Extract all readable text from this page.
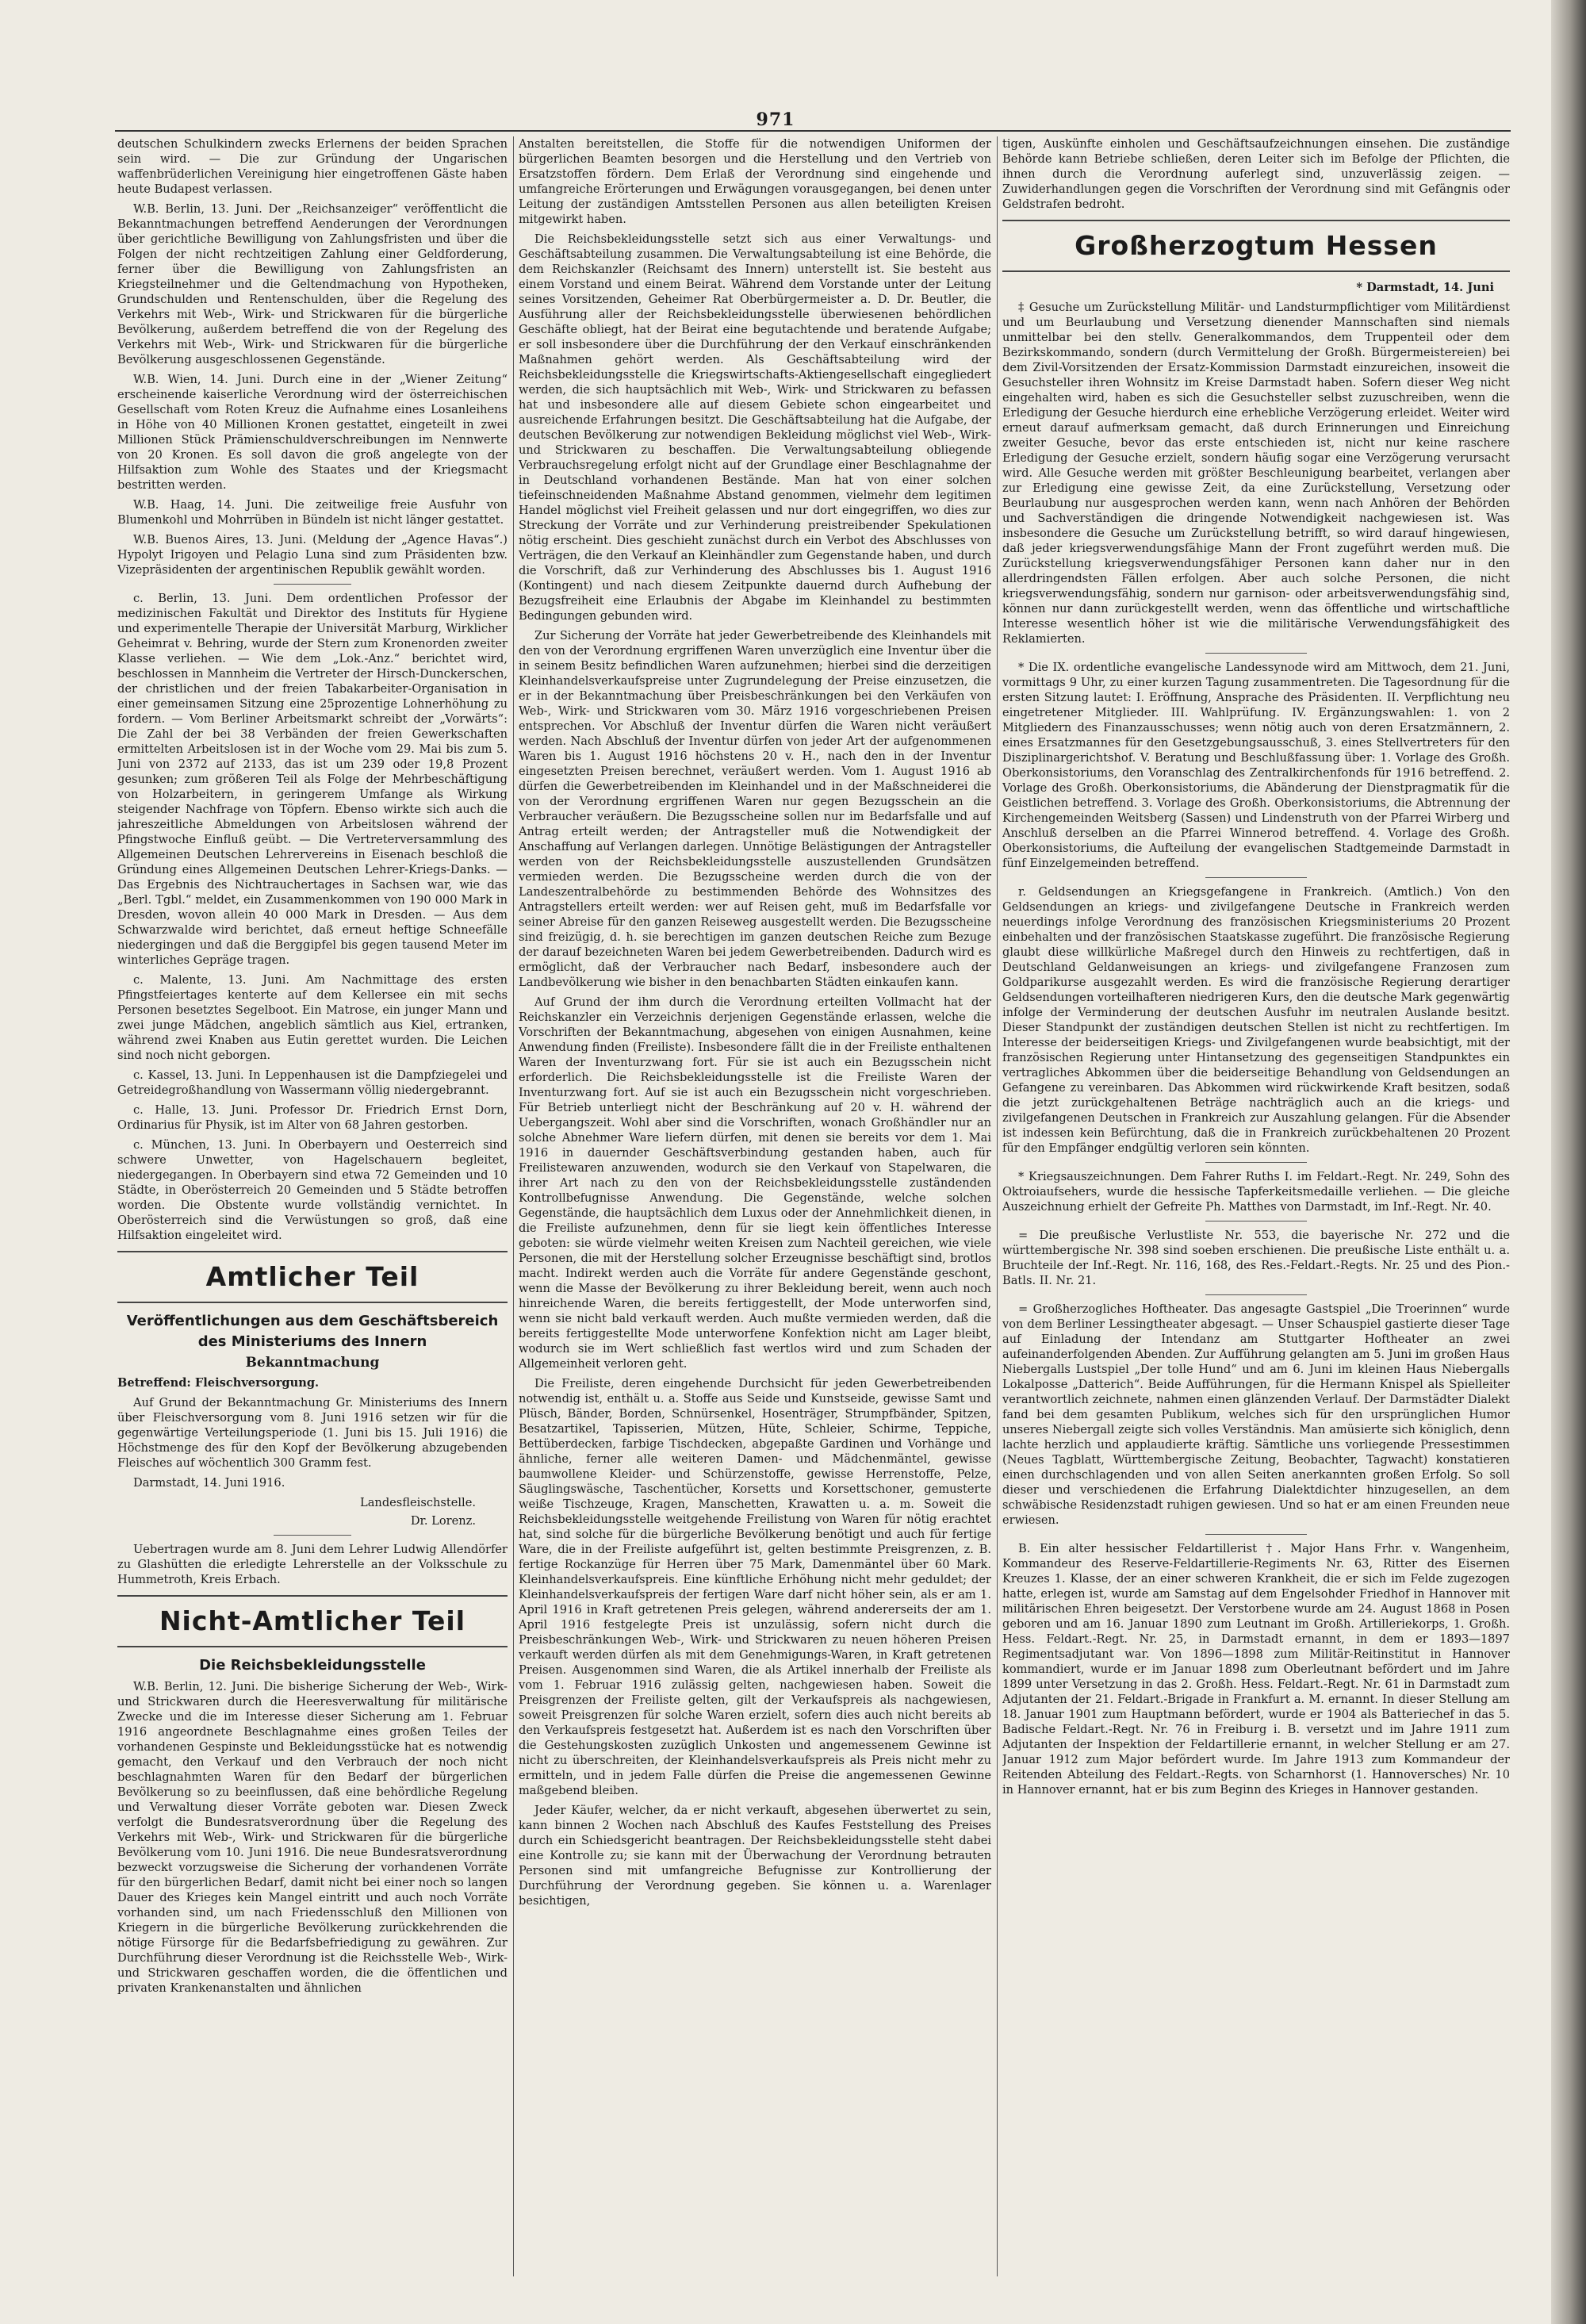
971

deutschen Schulkindern zwecks Erlernens der beiden Sprachen sein wird. — Die zur Gründung der Ungarischen waffenbrüderlichen Vereinigung hier eingetroffenen Gäste haben heute Budapest verlassen.

W.B. Berlin, 13. Juni. Der „Reichsanzeiger“ veröffentlicht die Bekanntmachungen betreffend Aenderungen der Verordnungen über gerichtliche Bewilligung von Zahlungsfristen und über die Folgen der nicht rechtzeitigen Zahlung einer Geldforderung, ferner über die Bewilligung von Zahlungsfristen an Kriegsteilnehmer und die Geltendmachung von Hypotheken, Grundschulden und Rentenschulden, über die Regelung des Verkehrs mit Web-, Wirk- und Strickwaren für die bürgerliche Bevölkerung, außerdem betreffend die von der Regelung des Verkehrs mit Web-, Wirk- und Strickwaren für die bürgerliche Bevölkerung ausgeschlossenen Gegenstände.

W.B. Wien, 14. Juni. Durch eine in der „Wiener Zeitung“ erscheinende kaiserliche Verordnung wird der österreichischen Gesellschaft vom Roten Kreuz die Aufnahme eines Losanleihens in Höhe von 40 Millionen Kronen gestattet, eingeteilt in zwei Millionen Stück Prämienschuldverschreibungen im Nennwerte von 20 Kronen. Es soll davon die groß angelegte von der Hilfsaktion zum Wohle des Staates und der Kriegsmacht bestritten werden.

W.B. Haag, 14. Juni. Die zeitweilige freie Ausfuhr von Blumenkohl und Mohrrüben in Bündeln ist nicht länger gestattet.

W.B. Buenos Aires, 13. Juni. (Meldung der „Agence Havas“.) Hypolyt Irigoyen und Pelagio Luna sind zum Präsidenten bzw. Vizepräsidenten der argentinischen Republik gewählt worden.

c. Berlin, 13. Juni. Dem ordentlichen Professor der medizinischen Fakultät und Direktor des Instituts für Hygiene und experimentelle Therapie der Universität Marburg, Wirklicher Geheimrat v. Behring, wurde der Stern zum Kronenorden zweiter Klasse verliehen. — Wie dem „Lok.-Anz.“ berichtet wird, beschlossen in Mannheim die Vertreter der Hirsch-Dunckerschen, der christlichen und der freien Tabakarbeiter-Organisation in einer gemeinsamen Sitzung eine 25prozentige Lohnerhöhung zu fordern. — Vom Berliner Arbeitsmarkt schreibt der „Vorwärts“: Die Zahl der bei 38 Verbänden der freien Gewerkschaften ermittelten Arbeitslosen ist in der Woche vom 29. Mai bis zum 5. Juni von 2372 auf 2133, das ist um 239 oder 19,8 Prozent gesunken; zum größeren Teil als Folge der Mehrbeschäftigung von Holzarbeitern, in geringerem Umfange als Wirkung steigender Nachfrage von Töpfern. Ebenso wirkte sich auch die jahreszeitliche Abmeldungen von Arbeitslosen während der Pfingstwoche Einfluß geübt. — Die Vertreterversammlung des Allgemeinen Deutschen Lehrervereins in Eisenach beschloß die Gründung eines Allgemeinen Deutschen Lehrer-Kriegs-Danks. — Das Ergebnis des Nichtrauchertages in Sachsen war, wie das „Berl. Tgbl.“ meldet, ein Zusammenkommen von 190 000 Mark in Dresden, wovon allein 40 000 Mark in Dresden. — Aus dem Schwarzwalde wird berichtet, daß erneut heftige Schneefälle niedergingen und daß die Berggipfel bis gegen tausend Meter im winterliches Gepräge tragen.

c. Malente, 13. Juni. Am Nachmittage des ersten Pfingstfeiertages kenterte auf dem Kellersee ein mit sechs Personen besetztes Segelboot. Ein Matrose, ein junger Mann und zwei junge Mädchen, angeblich sämtlich aus Kiel, ertranken, während zwei Knaben aus Eutin gerettet wurden. Die Leichen sind noch nicht geborgen.

c. Kassel, 13. Juni. In Leppenhausen ist die Dampfziegelei und Getreidegroßhandlung von Wassermann völlig niedergebrannt.

c. Halle, 13. Juni. Professor Dr. Friedrich Ernst Dorn, Ordinarius für Physik, ist im Alter von 68 Jahren gestorben.

c. München, 13. Juni. In Oberbayern und Oesterreich sind schwere Unwetter, von Hagelschauern begleitet, niedergegangen. In Oberbayern sind etwa 72 Gemeinden und 10 Städte, in Oberösterreich 20 Gemeinden und 5 Städte betroffen worden. Die Obstente wurde vollständig vernichtet. In Oberösterreich sind die Verwüstungen so groß, daß eine Hilfsaktion eingeleitet wird.

Amtlicher Teil
Veröffentlichungen aus dem Geschäftsbereich des Ministeriums des Innern
Bekanntmachung

Betreffend: Fleischversorgung.

Auf Grund der Bekanntmachung Gr. Ministeriums des Innern über Fleischversorgung vom 8. Juni 1916 setzen wir für die gegenwärtige Verteilungsperiode (1. Juni bis 15. Juli 1916) die Höchstmenge des für den Kopf der Bevölkerung abzugebenden Fleisches auf wöchentlich 300 Gramm fest.

Darmstadt, 14. Juni 1916.

Landesfleischstelle.
Dr. Lorenz.

Uebertragen wurde am 8. Juni dem Lehrer Ludwig Allendörfer zu Glashütten die erledigte Lehrerstelle an der Volksschule zu Hummetroth, Kreis Erbach.

Nicht-Amtlicher Teil
Die Reichsbekleidungsstelle

W.B. Berlin, 12. Juni. Die bisherige Sicherung der Web-, Wirk- und Strickwaren durch die Heeresverwaltung für militärische Zwecke und die im Interesse dieser Sicherung am 1. Februar 1916 angeordnete Beschlagnahme eines großen Teiles der vorhandenen Gespinste und Bekleidungsstücke hat es notwendig gemacht, den Verkauf und den Verbrauch der noch nicht beschlagnahmten Waren für den Bedarf der bürgerlichen Bevölkerung so zu beeinflussen, daß eine behördliche Regelung und Verwaltung dieser Vorräte geboten war. Diesen Zweck verfolgt die Bundesratsverordnung über die Regelung des Verkehrs mit Web-, Wirk- und Strickwaren für die bürgerliche Bevölkerung vom 10. Juni 1916. Die neue Bundesratsverordnung bezweckt vorzugsweise die Sicherung der vorhandenen Vorräte für den bürgerlichen Bedarf, damit nicht bei einer noch so langen Dauer des Krieges kein Mangel eintritt und auch noch Vorräte vorhanden sind, um nach Friedensschluß den Millionen von Kriegern in die bürgerliche Bevölkerung zurückkehrenden die nötige Fürsorge für die Bedarfsbefriedigung zu gewähren. Zur Durchführung dieser Verordnung ist die Reichsstelle Web-, Wirk- und Strickwaren geschaffen worden, die die öffentlichen und privaten Krankenanstalten und ähnlichen

Anstalten bereitstellen, die Stoffe für die notwendigen Uniformen der bürgerlichen Beamten besorgen und die Herstellung und den Vertrieb von Ersatzstoffen fördern. Dem Erlaß der Verordnung sind eingehende und umfangreiche Erörterungen und Erwägungen vorausgegangen, bei denen unter Leitung der zuständigen Amtsstellen Personen aus allen beteiligten Kreisen mitgewirkt haben.

Die Reichsbekleidungsstelle setzt sich aus einer Verwaltungs- und Geschäftsabteilung zusammen. Die Verwaltungsabteilung ist eine Behörde, die dem Reichskanzler (Reichsamt des Innern) unterstellt ist. Sie besteht aus einem Vorstand und einem Beirat. Während dem Vorstande unter der Leitung seines Vorsitzenden, Geheimer Rat Oberbürgermeister a. D. Dr. Beutler, die Ausführung aller der Reichsbekleidungsstelle überwiesenen behördlichen Geschäfte obliegt, hat der Beirat eine begutachtende und beratende Aufgabe; er soll insbesondere über die Durchführung der den Verkauf einschränkenden Maßnahmen gehört werden. Als Geschäftsabteilung wird der Reichsbekleidungsstelle die Kriegswirtschafts-Aktiengesellschaft eingegliedert werden, die sich hauptsächlich mit Web-, Wirk- und Strickwaren zu befassen hat und insbesondere alle auf diesem Gebiete schon eingearbeitet und ausreichende Erfahrungen besitzt. Die Geschäftsabteilung hat die Aufgabe, der deutschen Bevölkerung zur notwendigen Bekleidung möglichst viel Web-, Wirk- und Strickwaren zu beschaffen. Die Verwaltungsabteilung obliegende Verbrauchsregelung erfolgt nicht auf der Grundlage einer Beschlagnahme der in Deutschland vorhandenen Bestände. Man hat von einer solchen tiefeinschneidenden Maßnahme Abstand genommen, vielmehr dem legitimen Handel möglichst viel Freiheit gelassen und nur dort eingegriffen, wo dies zur Streckung der Vorräte und zur Verhinderung preistreibender Spekulationen nötig erscheint. Dies geschieht zunächst durch ein Verbot des Abschlusses von Verträgen, die den Verkauf an Kleinhändler zum Gegenstande haben, und durch die Vorschrift, daß zur Verhinderung des Abschlusses bis 1. August 1916 (Kontingent) und nach diesem Zeitpunkte dauernd durch Aufhebung der Bezugsfreiheit eine Erlaubnis der Abgabe im Kleinhandel zu bestimmten Bedingungen gebunden wird.

Zur Sicherung der Vorräte hat jeder Gewerbetreibende des Kleinhandels mit den von der Verordnung ergriffenen Waren unverzüglich eine Inventur über die in seinem Besitz befindlichen Waren aufzunehmen; hierbei sind die derzeitigen Kleinhandelsverkaufspreise unter Zugrundelegung der Preise einzusetzen, die er in der Bekanntmachung über Preisbeschränkungen bei den Verkäufen von Web-, Wirk- und Strickwaren vom 30. März 1916 vorgeschriebenen Preisen entsprechen. Vor Abschluß der Inventur dürfen die Waren nicht veräußert werden. Nach Abschluß der Inventur dürfen von jeder Art der aufgenommenen Waren bis 1. August 1916 höchstens 20 v. H., nach den in der Inventur eingesetzten Preisen berechnet, veräußert werden. Vom 1. August 1916 ab dürfen die Gewerbetreibenden im Kleinhandel und in der Maßschneiderei die von der Verordnung ergriffenen Waren nur gegen Bezugsschein an die Verbraucher veräußern. Die Bezugsscheine sollen nur im Bedarfsfalle und auf Antrag erteilt werden; der Antragsteller muß die Notwendigkeit der Anschaffung auf Verlangen darlegen. Unnötige Belästigungen der Antragsteller werden von der Reichsbekleidungsstelle auszustellenden Grundsätzen vermieden werden. Die Bezugsscheine werden durch die von der Landeszentralbehörde zu bestimmenden Behörde des Wohnsitzes des Antragstellers erteilt werden: wer auf Reisen geht, muß im Bedarfsfalle vor seiner Abreise für den ganzen Reiseweg ausgestellt werden. Die Bezugsscheine sind freizügig, d. h. sie berechtigen im ganzen deutschen Reiche zum Bezuge der darauf bezeichneten Waren bei jedem Gewerbetreibenden. Dadurch wird es ermöglicht, daß der Verbraucher nach Bedarf, insbesondere auch der Landbevölkerung wie bisher in den benachbarten Städten einkaufen kann.

Auf Grund der ihm durch die Verordnung erteilten Vollmacht hat der Reichskanzler ein Verzeichnis derjenigen Gegenstände erlassen, welche die Vorschriften der Bekanntmachung, abgesehen von einigen Ausnahmen, keine Anwendung finden (Freiliste). Insbesondere fällt die in der Freiliste enthaltenen Waren der Inventurzwang fort. Für sie ist auch ein Bezugsschein nicht erforderlich. Die Reichsbekleidungsstelle ist die Freiliste Waren der Inventurzwang fort. Auf sie ist auch ein Bezugsschein nicht vorgeschrieben. Für Betrieb unterliegt nicht der Beschränkung auf 20 v. H. während der Uebergangszeit. Wohl aber sind die Vorschriften, wonach Großhändler nur an solche Abnehmer Ware liefern dürfen, mit denen sie bereits vor dem 1. Mai 1916 in dauernder Geschäftsverbindung gestanden haben, auch für Freilistewaren anzuwenden, wodurch sie den Verkauf von Stapelwaren, die ihrer Art nach zu den von der Reichsbekleidungsstelle zuständenden Kontrollbefugnisse Anwendung. Die Gegenstände, welche solchen Gegenstände, die hauptsächlich dem Luxus oder der Annehmlichkeit dienen, in die Freiliste aufzunehmen, denn für sie liegt kein öffentliches Interesse geboten: sie würde vielmehr weiten Kreisen zum Nachteil gereichen, wie viele Personen, die mit der Herstellung solcher Erzeugnisse beschäftigt sind, brotlos macht. Indirekt werden auch die Vorräte für andere Gegenstände geschont, wenn die Masse der Bevölkerung zu ihrer Bekleidung bereit, wenn auch noch hinreichende Waren, die bereits fertiggestellt, der Mode unterworfen sind, wenn sie nicht bald verkauft werden. Auch mußte vermieden werden, daß die bereits fertiggestellte Mode unterworfene Konfektion nicht am Lager bleibt, wodurch sie im Wert schließlich fast wertlos wird und zum Schaden der Allgemeinheit verloren geht.

Die Freiliste, deren eingehende Durchsicht für jeden Gewerbetreibenden notwendig ist, enthält u. a. Stoffe aus Seide und Kunstseide, gewisse Samt und Plüsch, Bänder, Borden, Schnürsenkel, Hosenträger, Strumpfbänder, Spitzen, Besatzartikel, Tapisserien, Mützen, Hüte, Schleier, Schirme, Teppiche, Bettüberdecken, farbige Tischdecken, abgepaßte Gardinen und Vorhänge und ähnliche, ferner alle weiteren Damen- und Mädchenmäntel, gewisse baumwollene Kleider- und Schürzenstoffe, gewisse Herrenstoffe, Pelze, Säuglingswäsche, Taschentücher, Korsetts und Korsettschoner, gemusterte weiße Tischzeuge, Kragen, Manschetten, Krawatten u. a. m. Soweit die Reichsbekleidungsstelle weitgehende Freilistung von Waren für nötig erachtet hat, sind solche für die bürgerliche Bevölkerung benötigt und auch für fertige Ware, die in der Freiliste aufgeführt ist, gelten bestimmte Preisgrenzen, z. B. fertige Rockanzüge für Herren über 75 Mark, Damenmäntel über 60 Mark. Kleinhandelsverkaufspreis. Eine künftliche Erhöhung nicht mehr geduldet; der Kleinhandelsverkaufspreis der fertigen Ware darf nicht höher sein, als er am 1. April 1916 in Kraft getretenen Preis gelegen, während andererseits der am 1. April 1916 festgelegte Preis ist unzulässig, sofern nicht durch die Preisbeschränkungen Web-, Wirk- und Strickwaren zu neuen höheren Preisen verkauft werden dürfen als mit dem Genehmigungs-Waren, in Kraft getretenen Preisen. Ausgenommen sind Waren, die als Artikel innerhalb der Freiliste als vom 1. Februar 1916 zulässig gelten, nachgewiesen haben. Soweit die Preisgrenzen der Freiliste gelten, gilt der Verkaufspreis als nachgewiesen, soweit Preisgrenzen für solche Waren erzielt, sofern dies auch nicht bereits ab den Verkaufspreis festgesetzt hat. Außerdem ist es nach den Vorschriften über die Gestehungskosten zuzüglich Unkosten und angemessenem Gewinne ist nicht zu überschreiten, der Kleinhandelsverkaufspreis als Preis nicht mehr zu ermitteln, und in jedem Falle dürfen die Preise die angemessenen Gewinne maßgebend bleiben.

Jeder Käufer, welcher, da er nicht verkauft, abgesehen überwertet zu sein, kann binnen 2 Wochen nach Abschluß des Kaufes Feststellung des Preises durch ein Schiedsgericht beantragen. Der Reichsbekleidungsstelle steht dabei eine Kontrolle zu; sie kann mit der Überwachung der Verordnung betrauten Personen sind mit umfangreiche Befugnisse zur Kontrollierung der Durchführung der Verordnung gegeben. Sie können u. a. Warenlager besichtigen,

tigen, Auskünfte einholen und Geschäftsaufzeichnungen einsehen. Die zuständige Behörde kann Betriebe schließen, deren Leiter sich im Befolge der Pflichten, die ihnen durch die Verordnung auferlegt sind, unzuverlässig zeigen. — Zuwiderhandlungen gegen die Vorschriften der Verordnung sind mit Gefängnis oder Geldstrafen bedroht.

Großherzogtum Hessen
* Darmstadt, 14. Juni

‡ Gesuche um Zurückstellung Militär- und Landsturmpflichtiger vom Militärdienst und um Beurlaubung und Versetzung dienender Mannschaften sind niemals unmittelbar bei den stellv. Generalkommandos, dem Truppenteil oder dem Bezirkskommando, sondern (durch Vermittelung der Großh. Bürgermeistereien) bei dem Zivil-Vorsitzenden der Ersatz-Kommission Darmstadt einzureichen, insoweit die Gesuchsteller ihren Wohnsitz im Kreise Darmstadt haben. Sofern dieser Weg nicht eingehalten wird, haben es sich die Gesuchsteller selbst zuzuschreiben, wenn die Erledigung der Gesuche hierdurch eine erhebliche Verzögerung erleidet. Weiter wird erneut darauf aufmerksam gemacht, daß durch Erinnerungen und Einreichung zweiter Gesuche, bevor das erste entschieden ist, nicht nur keine raschere Erledigung der Gesuche erzielt, sondern häufig sogar eine Verzögerung verursacht wird. Alle Gesuche werden mit größter Beschleunigung bearbeitet, verlangen aber zur Erledigung eine gewisse Zeit, da eine Zurückstellung, Versetzung oder Beurlaubung nur ausgesprochen werden kann, wenn nach Anhören der Behörden und Sachverständigen die dringende Notwendigkeit nachgewiesen ist. Was insbesondere die Gesuche um Zurückstellung betrifft, so wird darauf hingewiesen, daß jeder kriegsverwendungsfähige Mann der Front zugeführt werden muß. Die Zurückstellung kriegsverwendungsfähiger Personen kann daher nur in den allerdringendsten Fällen erfolgen. Aber auch solche Personen, die nicht kriegsverwendungsfähig, sondern nur garnison- oder arbeitsverwendungsfähig sind, können nur dann zurückgestellt werden, wenn das öffentliche und wirtschaftliche Interesse wesentlich höher ist wie die militärische Verwendungsfähigkeit des Reklamierten.

* Die IX. ordentliche evangelische Landessynode wird am Mittwoch, dem 21. Juni, vormittags 9 Uhr, zu einer kurzen Tagung zusammentreten. Die Tagesordnung für die ersten Sitzung lautet: I. Eröffnung, Ansprache des Präsidenten. II. Verpflichtung neu eingetretener Mitglieder. III. Wahlprüfung. IV. Ergänzungswahlen: 1. von 2 Mitgliedern des Finanzausschusses; wenn nötig auch von deren Ersatzmännern, 2. eines Ersatzmannes für den Gesetzgebungsausschuß, 3. eines Stellvertreters für den Disziplinargerichtshof. V. Beratung und Beschlußfassung über: 1. Vorlage des Großh. Oberkonsistoriums, den Voranschlag des Zentralkirchenfonds für 1916 betreffend. 2. Vorlage des Großh. Oberkonsistoriums, die Abänderung der Dienstpragmatik für die Geistlichen betreffend. 3. Vorlage des Großh. Oberkonsistoriums, die Abtrennung der Kirchengemeinden Weitsberg (Sassen) und Lindenstruth von der Pfarrei Wirberg und Anschluß derselben an die Pfarrei Winnerod betreffend. 4. Vorlage des Großh. Oberkonsistoriums, die Aufteilung der evangelischen Stadtgemeinde Darmstadt in fünf Einzelgemeinden betreffend.

r. Geldsendungen an Kriegsgefangene in Frankreich. (Amtlich.) Von den Geldsendungen an kriegs- und zivilgefangene Deutsche in Frankreich werden neuerdings infolge Verordnung des französischen Kriegsministeriums 20 Prozent einbehalten und der französischen Staatskasse zugeführt. Die französische Regierung glaubt diese willkürliche Maßregel durch den Hinweis zu rechtfertigen, daß in Deutschland Geldanweisungen an kriegs- und zivilgefangene Franzosen zum Goldparikurse ausgezahlt werden. Es wird die französische Regierung derartiger Geldsendungen vorteilhafteren niedrigeren Kurs, den die deutsche Mark gegenwärtig infolge der Verminderung der deutschen Ausfuhr im neutralen Auslande besitzt. Dieser Standpunkt der zuständigen deutschen Stellen ist nicht zu rechtfertigen. Im Interesse der beiderseitigen Kriegs- und Zivilgefangenen wurde beabsichtigt, mit der französischen Regierung unter Hintansetzung des gegenseitigen Standpunktes ein vertragliches Abkommen über die beiderseitige Behandlung von Geldsendungen an Gefangene zu vereinbaren. Das Abkommen wird rückwirkende Kraft besitzen, sodaß die jetzt zurückgehaltenen Beträge nachträglich auch an die kriegs- und zivilgefangenen Deutschen in Frankreich zur Auszahlung gelangen. Für die Absender ist indessen kein Befürchtung, daß die in Frankreich zurückbehaltenen 20 Prozent für den Empfänger endgültig verloren sein könnten.

* Kriegsauszeichnungen. Dem Fahrer Ruths I. im Feldart.-Regt. Nr. 249, Sohn des Oktroiaufsehers, wurde die hessische Tapferkeitsmedaille verliehen. — Die gleiche Auszeichnung erhielt der Gefreite Ph. Matthes von Darmstadt, im Inf.-Regt. Nr. 40.

= Die preußische Verlustliste Nr. 553, die bayerische Nr. 272 und die württembergische Nr. 398 sind soeben erschienen. Die preußische Liste enthält u. a. Bruchteile der Inf.-Regt. Nr. 116, 168, des Res.-Feldart.-Regts. Nr. 25 und des Pion.-Batls. II. Nr. 21.

= Großherzogliches Hoftheater. Das angesagte Gastspiel „Die Troerinnen“ wurde von dem Berliner Lessingtheater abgesagt. — Unser Schauspiel gastierte dieser Tage auf Einladung der Intendanz am Stuttgarter Hoftheater an zwei aufeinanderfolgenden Abenden. Zur Aufführung gelangten am 5. Juni im großen Haus Niebergalls Lustspiel „Der tolle Hund“ und am 6. Juni im kleinen Haus Niebergalls Lokalposse „Datterich“. Beide Aufführungen, für die Hermann Knispel als Spielleiter verantwortlich zeichnete, nahmen einen glänzenden Verlauf. Der Darmstädter Dialekt fand bei dem gesamten Publikum, welches sich für den ursprünglichen Humor unseres Niebergall zeigte sich volles Verständnis. Man amüsierte sich königlich, denn lachte herzlich und applaudierte kräftig. Sämtliche uns vorliegende Pressestimmen (Neues Tagblatt, Württembergische Zeitung, Beobachter, Tagwacht) konstatieren einen durchschlagenden und von allen Seiten anerkannten großen Erfolg. So soll dieser und verschiedenen die Erfahrung Dialektdichter hinzugesellen, an dem schwäbische Residenzstadt ruhigen gewiesen. Und so hat er am einen Freunden neue erwiesen.

B. Ein alter hessischer Feldartillerist †. Major Hans Frhr. v. Wangenheim, Kommandeur des Reserve-Feldartillerie-Regiments Nr. 63, Ritter des Eisernen Kreuzes 1. Klasse, der an einer schweren Krankheit, die er sich im Felde zugezogen hatte, erlegen ist, wurde am Samstag auf dem Engelsohder Friedhof in Hannover mit militärischen Ehren beigesetzt. Der Verstorbene wurde am 24. August 1868 in Posen geboren und am 16. Januar 1890 zum Leutnant im Großh. Artilleriekorps, 1. Großh. Hess. Feldart.-Regt. Nr. 25, in Darmstadt ernannt, in dem er 1893—1897 Regimentsadjutant war. Von 1896—1898 zum Militär-Reitinstitut in Hannover kommandiert, wurde er im Januar 1898 zum Oberleutnant befördert und im Jahre 1899 unter Versetzung in das 2. Großh. Hess. Feldart.-Regt. Nr. 61 in Darmstadt zum Adjutanten der 21. Feldart.-Brigade in Frankfurt a. M. ernannt. In dieser Stellung am 18. Januar 1901 zum Hauptmann befördert, wurde er 1904 als Batteriechef in das 5. Badische Feldart.-Regt. Nr. 76 in Freiburg i. B. versetzt und im Jahre 1911 zum Adjutanten der Inspektion der Feldartillerie ernannt, in welcher Stellung er am 27. Januar 1912 zum Major befördert wurde. Im Jahre 1913 zum Kommandeur der Reitenden Abteilung des Feldart.-Regts. von Scharnhorst (1. Hannoversches) Nr. 10 in Hannover ernannt, hat er bis zum Beginn des Krieges in Hannover gestanden.
